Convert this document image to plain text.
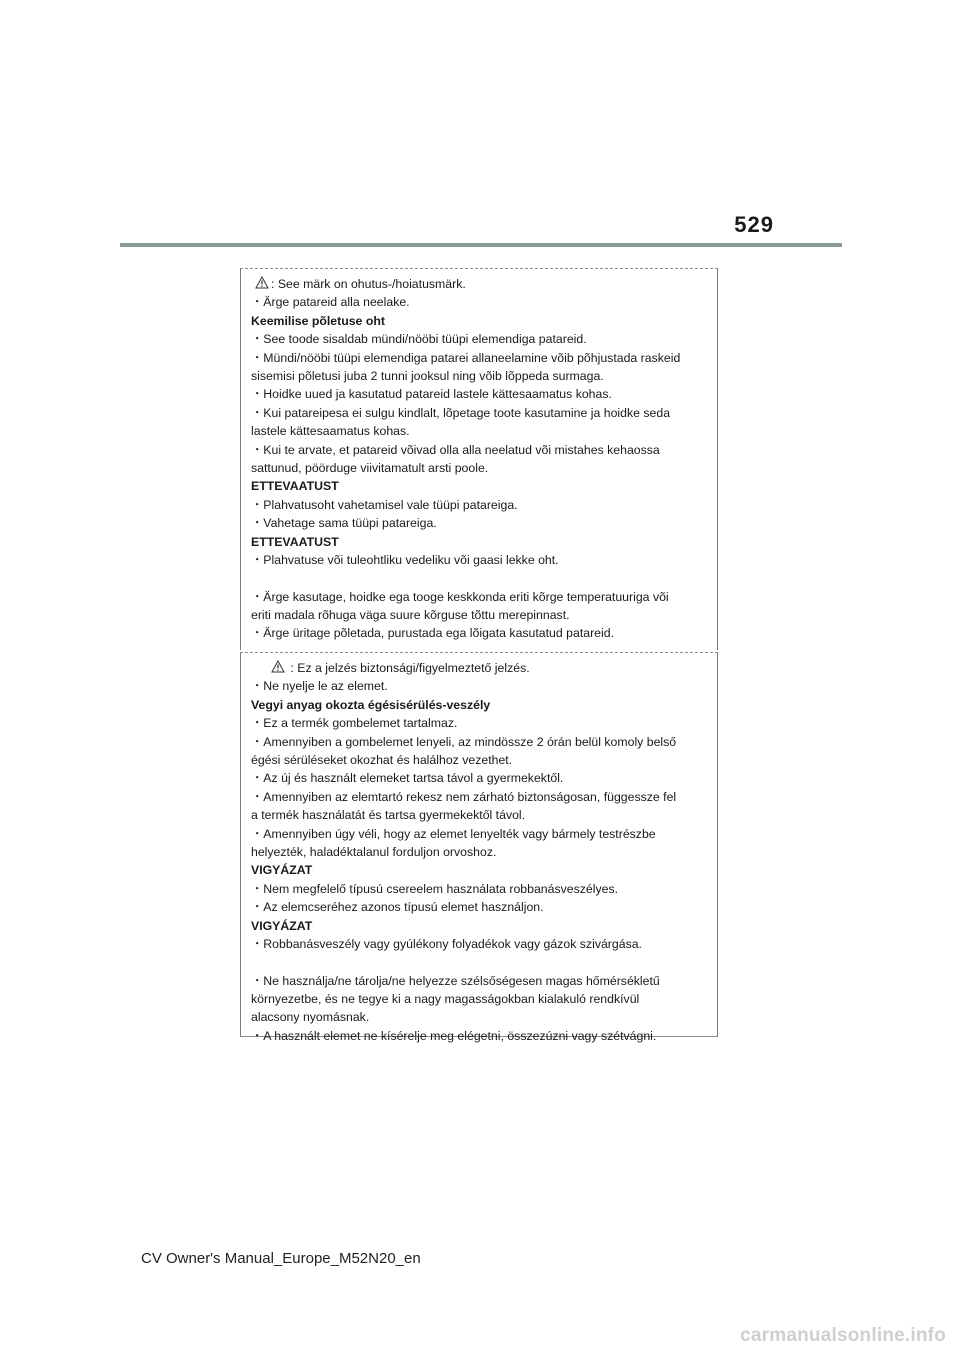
529

: See märk on ohutus-/hoiatusmärk.

・Ärge patareid alla neelake.

Keemilise põletuse oht

・See toode sisaldab mündi/nööbi tüüpi elemendiga patareid.

・Mündi/nööbi tüüpi elemendiga patarei allaneelamine võib põhjustada raskeid

sisemisi põletusi juba 2 tunni jooksul ning võib lõppeda surmaga.

・Hoidke uued ja kasutatud patareid lastele kättesaamatus kohas.

・Kui patareipesa ei sulgu kindlalt, lõpetage toote kasutamine ja hoidke seda

lastele kättesaamatus kohas.

・Kui te arvate, et patareid võivad olla alla neelatud või mistahes kehaossa

sattunud, pöörduge viivitamatult arsti poole.

ETTEVAATUST

・Plahvatusoht vahetamisel vale tüüpi patareiga.

・Vahetage sama tüüpi patareiga.

ETTEVAATUST

・Plahvatuse või tuleohtliku vedeliku või gaasi lekke oht.

・Ärge kasutage, hoidke ega tooge keskkonda eriti kõrge temperatuuriga või

eriti madala rõhuga väga suure kõrguse tõttu merepinnast.

・Ärge üritage põletada, purustada ega lõigata kasutatud patareid.

: Ez a jelzés biztonsági/figyelmeztető jelzés.

・Ne nyelje le az elemet.

Vegyi anyag okozta égésisérülés-veszély

・Ez a termék gombelemet tartalmaz.

・Amennyiben a gombelemet lenyeli, az mindössze 2 órán belül komoly belső

égési sérüléseket okozhat és halálhoz vezethet.

・Az új és használt elemeket tartsa távol a gyermekektől.

・Amennyiben az elemtartó rekesz nem zárható biztonságosan, függessze fel

a termék használatát és tartsa gyermekektől távol.

・Amennyiben úgy véli, hogy az elemet lenyelték vagy bármely testrészbe

helyezték, haladéktalanul forduljon orvoshoz.

VIGYÁZAT

・Nem megfelelő típusú csereelem használata robbanásveszélyes.

・Az elemcseréhez azonos típusú elemet használjon.

VIGYÁZAT

・Robbanásveszély vagy gyúlékony folyadékok vagy gázok szivárgása.

・Ne használja/ne tárolja/ne helyezze szélsőségesen magas hőmérsékletű

környezetbe, és ne tegye ki a nagy magasságokban kialakuló rendkívül

alacsony nyomásnak.

・A használt elemet ne kísérelje meg elégetni, összezúzni vagy szétvágni.

CV Owner's Manual_Europe_M52N20_en
carmanualsonline.info
